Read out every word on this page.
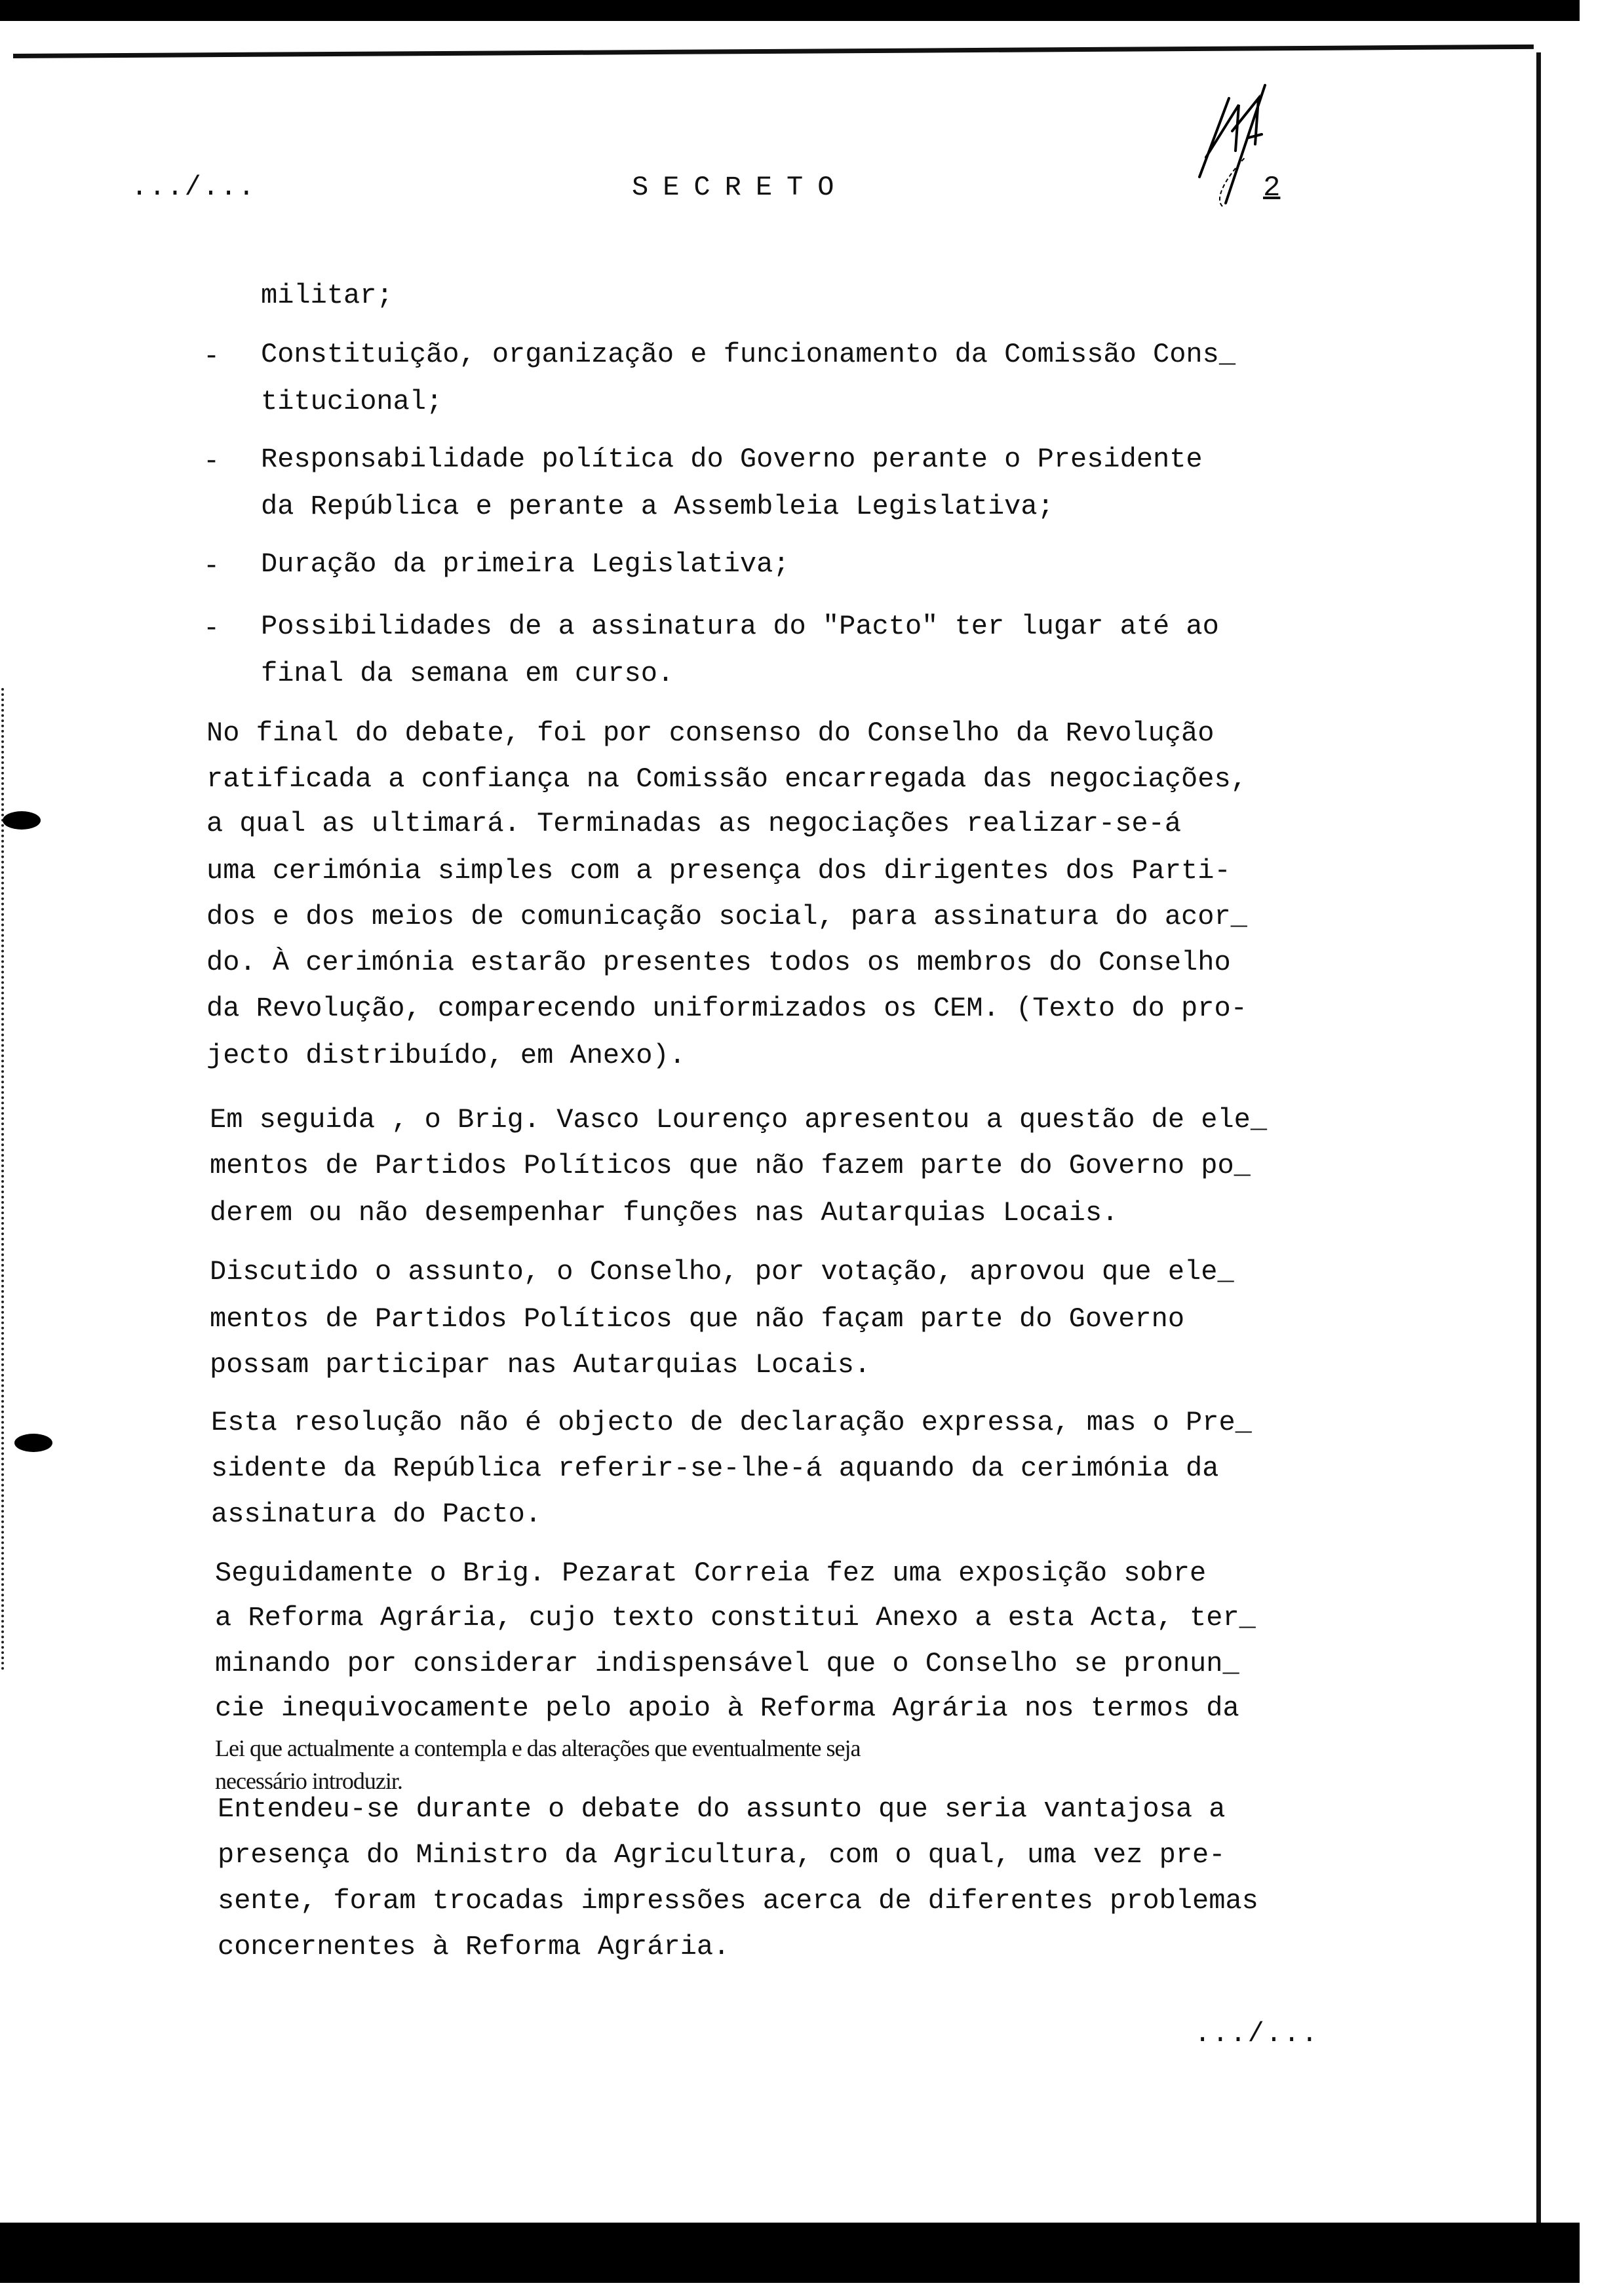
.../...	SECRETO	2
militar;
- Constituição, organização e funcionamento da Comissão Cons_
titucional;
- Responsabilidade política do Governo perante o Presidente
da República e perante a Assembleia Legislativa;
- Duração da primeira Legislativa;
- Possibilidades de a assinatura do "Pacto" ter lugar até ao
final da semana em curso.
No final do debate, foi por consenso do Conselho da Revolução
ratificada a confiança na Comissão encarregada das negociações,
a qual as ultimará. Terminadas as negociações realizar-se-á
uma cerimónia simples com a presença dos dirigentes dos Parti-
dos e dos meios de comunicação social, para assinatura do acor_
do. À cerimónia estarão presentes todos os membros do Conselho
da Revolução, comparecendo uniformizados os CEM. (Texto do pro-
jecto distribuído, em Anexo).
Em seguida , o Brig. Vasco Lourenço apresentou a questão de ele_
mentos de Partidos Políticos que não fazem parte do Governo po_
derem ou não desempenhar funções nas Autarquias Locais.
Discutido o assunto, o Conselho, por votação, aprovou que ele_
mentos de Partidos Políticos que não façam parte do Governo
possam participar nas Autarquias Locais.
Esta resolução não é objecto de declaração expressa, mas o Pre_
sidente da República referir-se-lhe-á aquando da cerimónia da
assinatura do Pacto.
Seguidamente o Brig. Pezarat Correia fez uma exposição sobre
a Reforma Agrária, cujo texto constitui Anexo a esta Acta, ter_
minando por considerar indispensável que o Conselho se pronun_
cie inequivocamente pelo apoio à Reforma Agrária nos termos da
Lei que actualmente a contempla e das alterações que eventualmente seja
necessário introduzir.
Entendeu-se durante o debate do assunto que seria vantajosa a
presença do Ministro da Agricultura, com o qual, uma vez pre-
sente, foram trocadas impressões acerca de diferentes problemas
concernentes à Reforma Agrária.
.../...
